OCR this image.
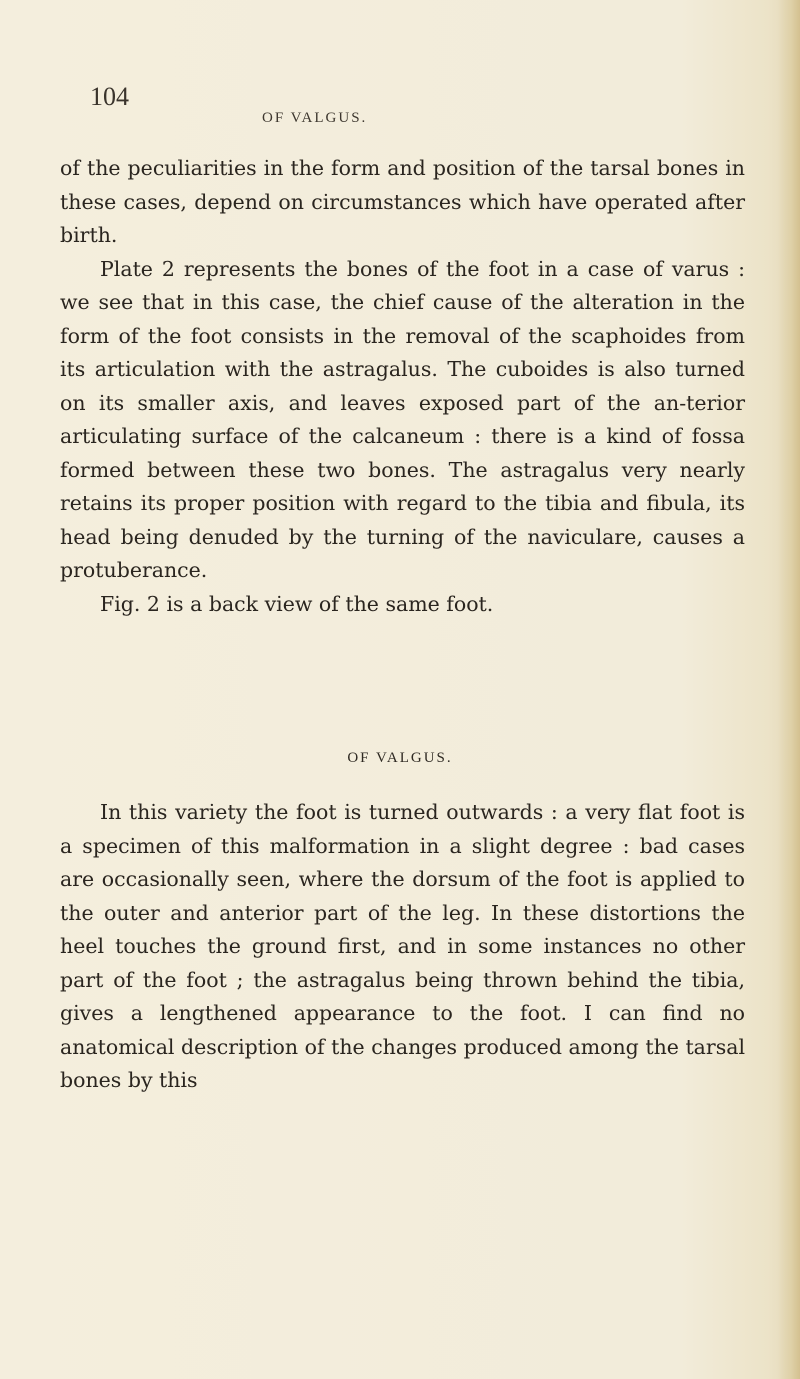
104
OF VALGUS.

of the peculiarities in the form and position of the tarsal bones in these cases, depend on circumstances which have operated after birth.

Plate 2 represents the bones of the foot in a case of varus : we see that in this case, the chief cause of the alteration in the form of the foot consists in the removal of the scaphoides from its articulation with the astragalus. The cuboides is also turned on its smaller axis, and leaves exposed part of the an-terior articulating surface of the calcaneum : there is a kind of fossa formed between these two bones. The astragalus very nearly retains its proper position with regard to the tibia and fibula, its head being denuded by the turning of the naviculare, causes a protuberance.

Fig. 2 is a back view of the same foot.

OF VALGUS.

In this variety the foot is turned outwards : a very flat foot is a specimen of this malformation in a slight degree : bad cases are occasionally seen, where the dorsum of the foot is applied to the outer and anterior part of the leg. In these distortions the heel touches the ground first, and in some instances no other part of the foot ; the astragalus being thrown behind the tibia, gives a lengthened appearance to the foot. I can find no anatomical description of the changes produced among the tarsal bones by this
